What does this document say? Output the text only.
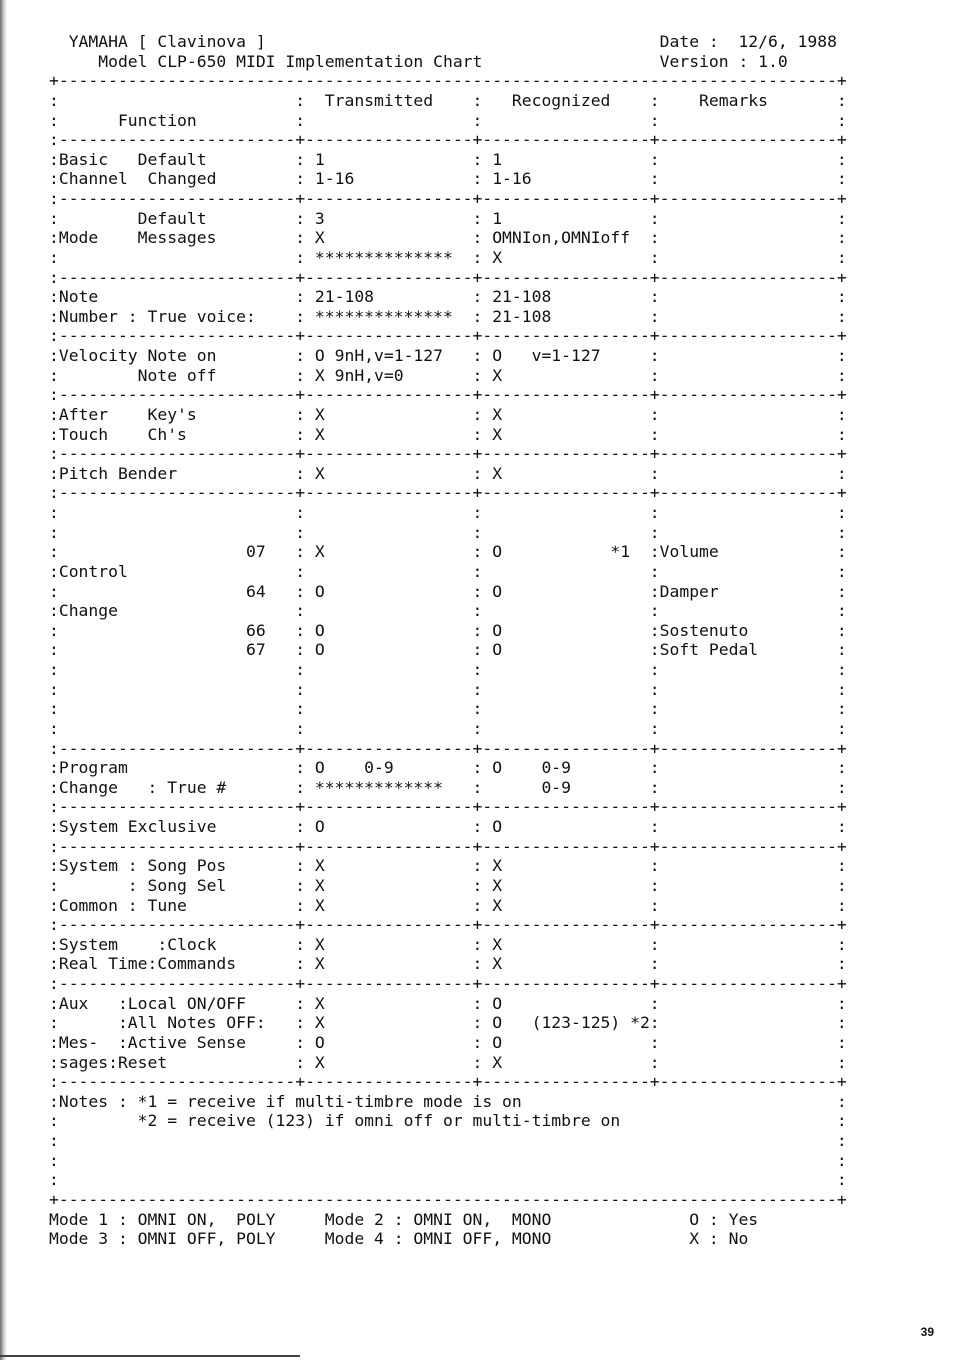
YAMAHA [ Clavinova ]                                        Date :  12/6, 1988
Model CLP-650 MIDI Implementation Chart                  Version : 1.0
+-------------------------------------------------------------------------------+
:                        :  Transmitted    :   Recognized    :    Remarks       :
:      Function          :                 :                 :                  :
:------------------------+-----------------+-----------------+------------------+
:Basic   Default         : 1               : 1               :                  :
:Channel  Changed        : 1-16            : 1-16            :                  :
:------------------------+-----------------+-----------------+------------------+
:        Default         : 3               : 1               :                  :
:Mode    Messages        : X               : OMNIon,OMNIoff  :                  :
:                        : **************  : X               :                  :
:------------------------+-----------------+-----------------+------------------+
:Note                    : 21-108          : 21-108          :                  :
:Number : True voice:    : **************  : 21-108          :                  :
:------------------------+-----------------+-----------------+------------------+
:Velocity Note on        : O 9nH,v=1-127   : O   v=1-127     :                  :
:        Note off        : X 9nH,v=0       : X               :                  :
:------------------------+-----------------+-----------------+------------------+
:After    Key's          : X               : X               :                  :
:Touch    Ch's           : X               : X               :                  :
:------------------------+-----------------+-----------------+------------------+
:Pitch Bender            : X               : X               :                  :
:------------------------+-----------------+-----------------+------------------+
:                        :                 :                 :                  :
:                        :                 :                 :                  :
:                   07   : X               : O           *1  :Volume            :
:Control                 :                 :                 :                  :
:                   64   : O               : O               :Damper            :
:Change                  :                 :                 :                  :
:                   66   : O               : O               :Sostenuto         :
:                   67   : O               : O               :Soft Pedal        :
:                        :                 :                 :                  :
:                        :                 :                 :                  :
:                        :                 :                 :                  :
:                        :                 :                 :                  :
:------------------------+-----------------+-----------------+------------------+
:Program                 : O    0-9        : O    0-9        :                  :
:Change   : True #       : *************   :      0-9        :                  :
:------------------------+-----------------+-----------------+------------------+
:System Exclusive        : O               : O               :                  :
:------------------------+-----------------+-----------------+------------------+
:System : Song Pos       : X               : X               :                  :
:       : Song Sel       : X               : X               :                  :
:Common : Tune           : X               : X               :                  :
:------------------------+-----------------+-----------------+------------------+
:System    :Clock        : X               : X               :                  :
:Real Time:Commands      : X               : X               :                  :
:------------------------+-----------------+-----------------+------------------+
:Aux   :Local ON/OFF     : X               : O               :                  :
:      :All Notes OFF:   : X               : O   (123-125) *2:                  :
:Mes-  :Active Sense     : O               : O               :                  :
:sages:Reset             : X               : X               :                  :
:------------------------+-----------------+-----------------+------------------+
:Notes : *1 = receive if multi-timbre mode is on                                :
:        *2 = receive (123) if omni off or multi-timbre on                      :
:                                                                               :
:                                                                               :
:                                                                               :
+-------------------------------------------------------------------------------+
Mode 1 : OMNI ON,  POLY     Mode 2 : OMNI ON,  MONO              O : Yes
Mode 3 : OMNI OFF, POLY     Mode 4 : OMNI OFF, MONO              X : No
39
